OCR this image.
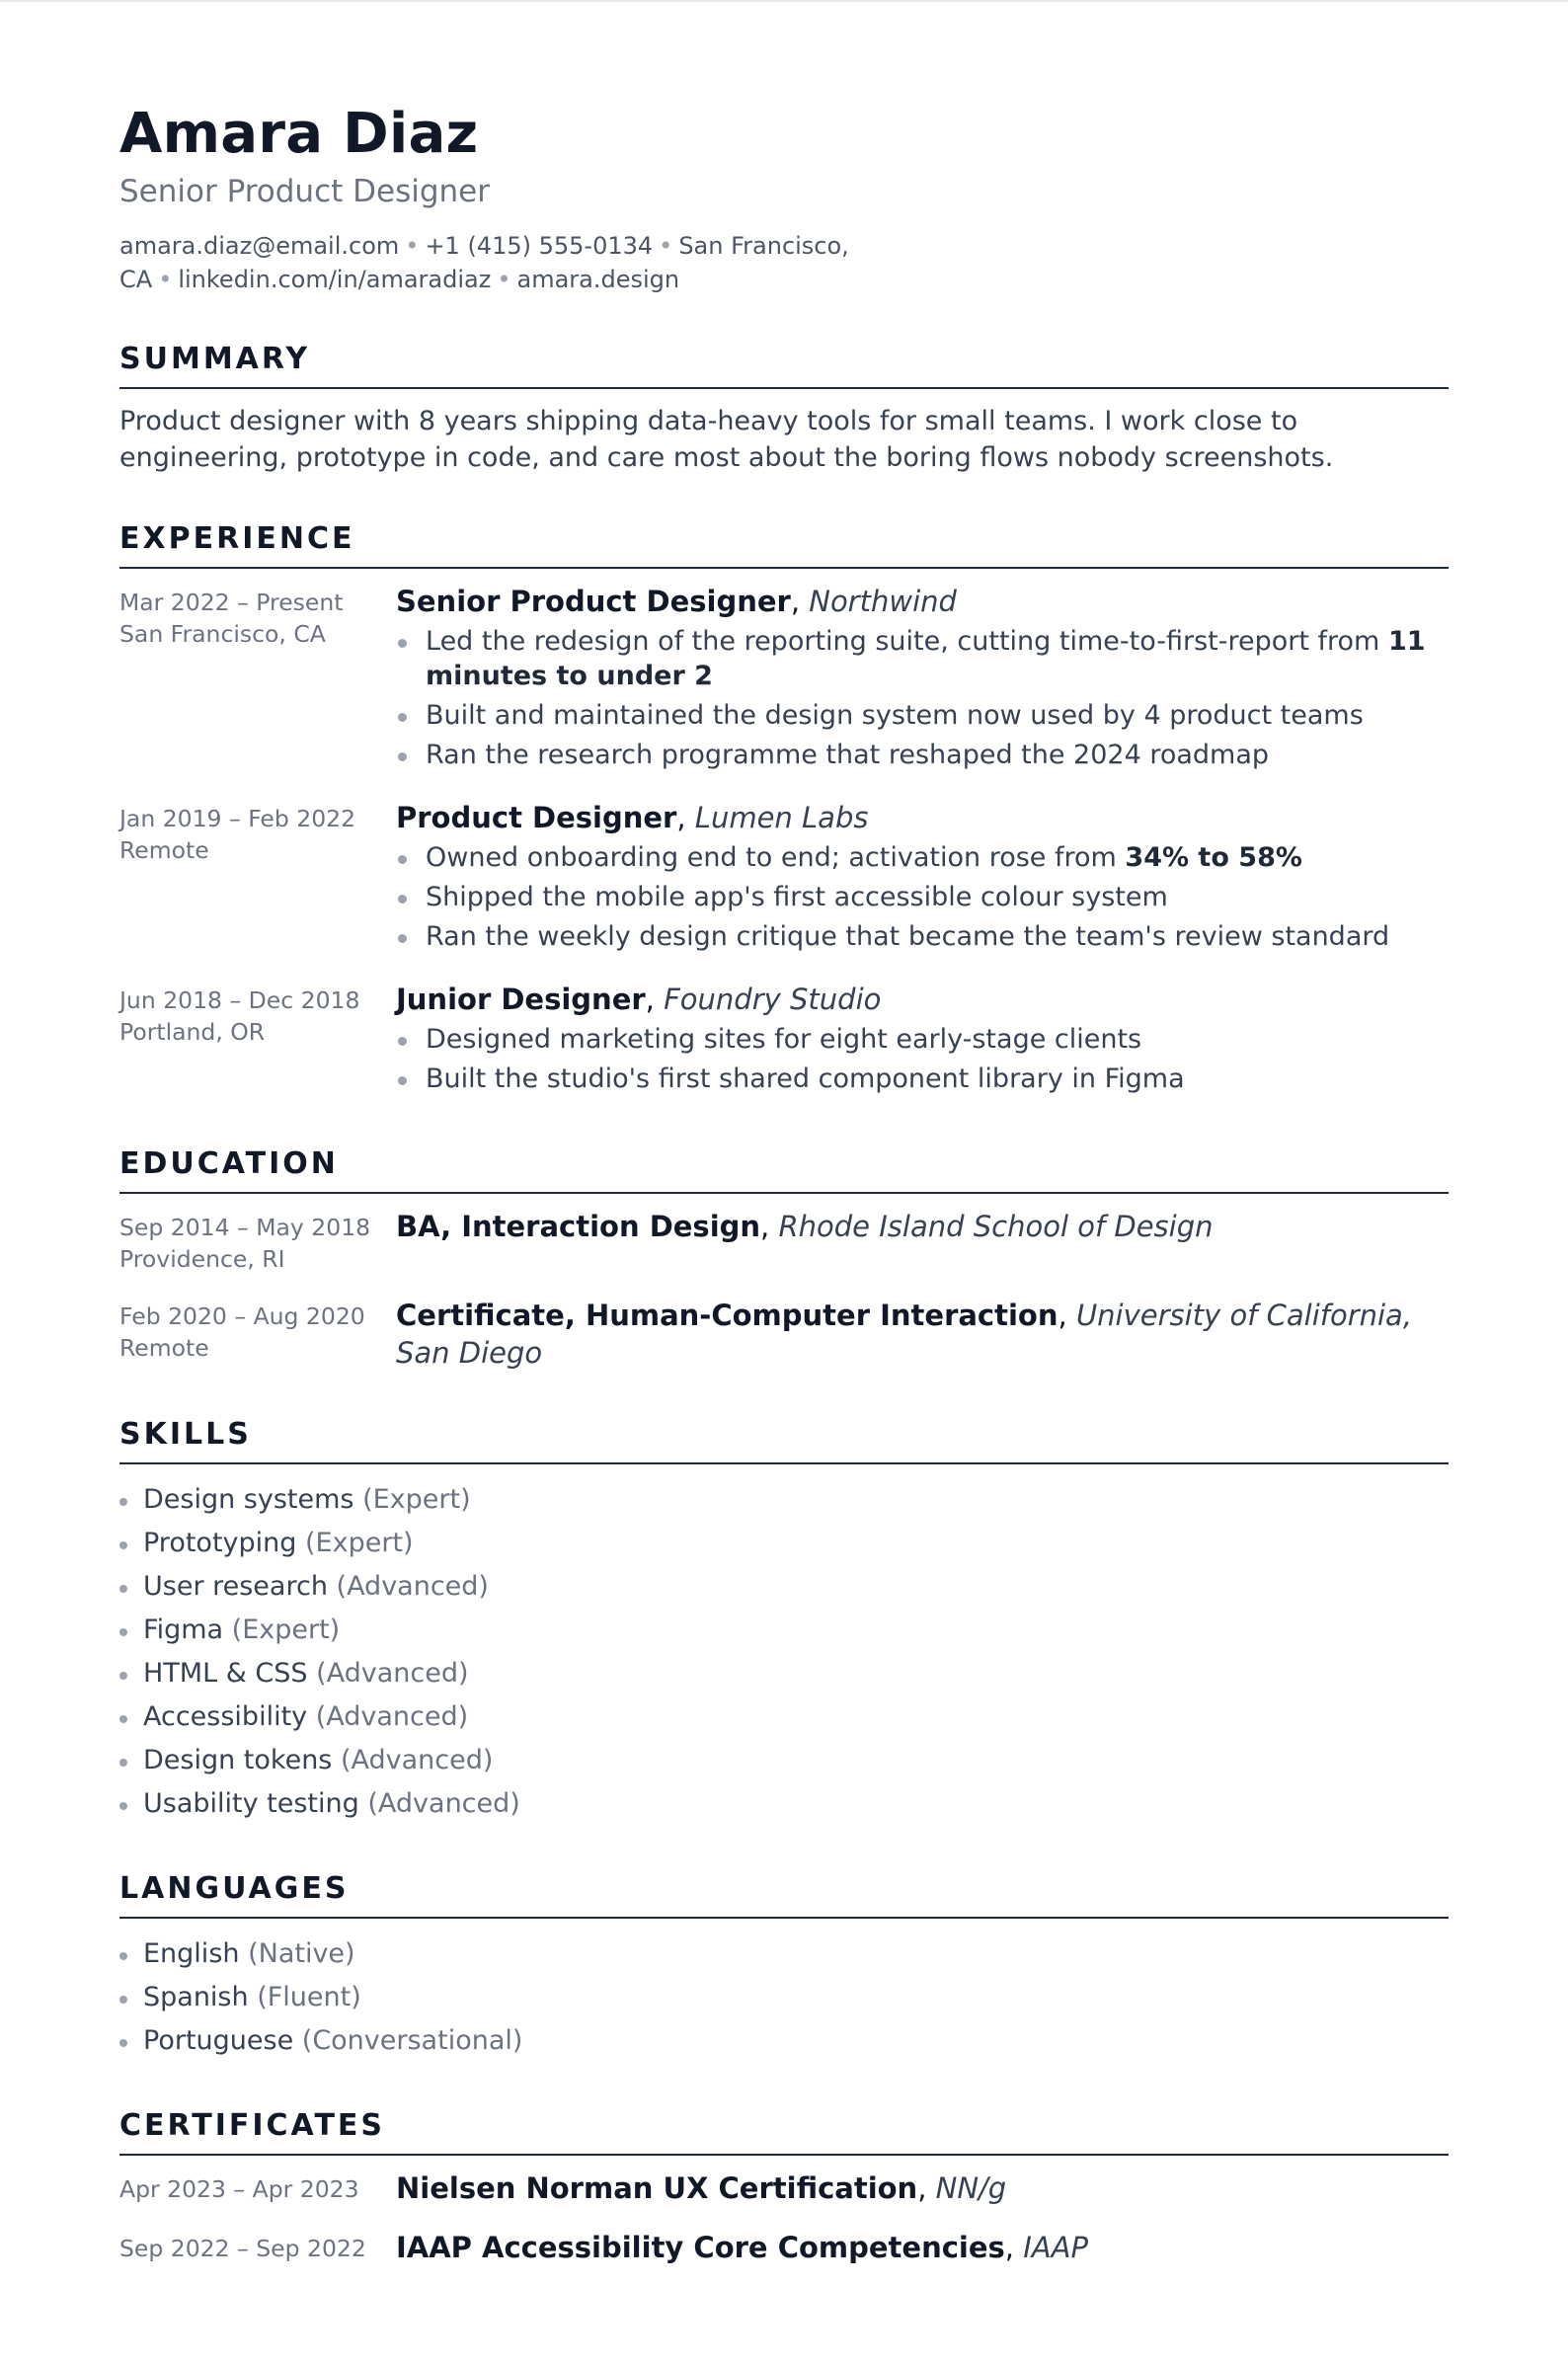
Amara Diaz
Senior Product Designer
amara.diaz@email.com • +1 (415) 555-0134 • San Francisco, CA • linkedin.com/in/amaradiaz • amara.design
SUMMARY

Product designer with 8 years shipping data-heavy tools for small teams. I work close to engineering, prototype in code, and care most about the boring flows nobody screenshots.

EXPERIENCE
Mar 2022 – Present
San Francisco, CA
Senior Product Designer, Northwind
Led the redesign of the reporting suite, cutting time-to-first-report from 11 minutes to under 2
Built and maintained the design system now used by 4 product teams
Ran the research programme that reshaped the 2024 roadmap
Jan 2019 – Feb 2022
Remote
Product Designer, Lumen Labs
Owned onboarding end to end; activation rose from 34% to 58%
Shipped the mobile app's first accessible colour system
Ran the weekly design critique that became the team's review standard
Jun 2018 – Dec 2018
Portland, OR
Junior Designer, Foundry Studio
Designed marketing sites for eight early-stage clients
Built the studio's first shared component library in Figma
EDUCATION
Sep 2014 – May 2018
Providence, RI
BA, Interaction Design, Rhode Island School of Design
Feb 2020 – Aug 2020
Remote
Certificate, Human-Computer Interaction, University of California, San Diego
SKILLS
Design systems (Expert)
Prototyping (Expert)
User research (Advanced)
Figma (Expert)
HTML & CSS (Advanced)
Accessibility (Advanced)
Design tokens (Advanced)
Usability testing (Advanced)
LANGUAGES
English (Native)
Spanish (Fluent)
Portuguese (Conversational)
CERTIFICATES
Apr 2023 – Apr 2023	Nielsen Norman UX Certification, NN/g
Sep 2022 – Sep 2022	IAAP Accessibility Core Competencies, IAAP
